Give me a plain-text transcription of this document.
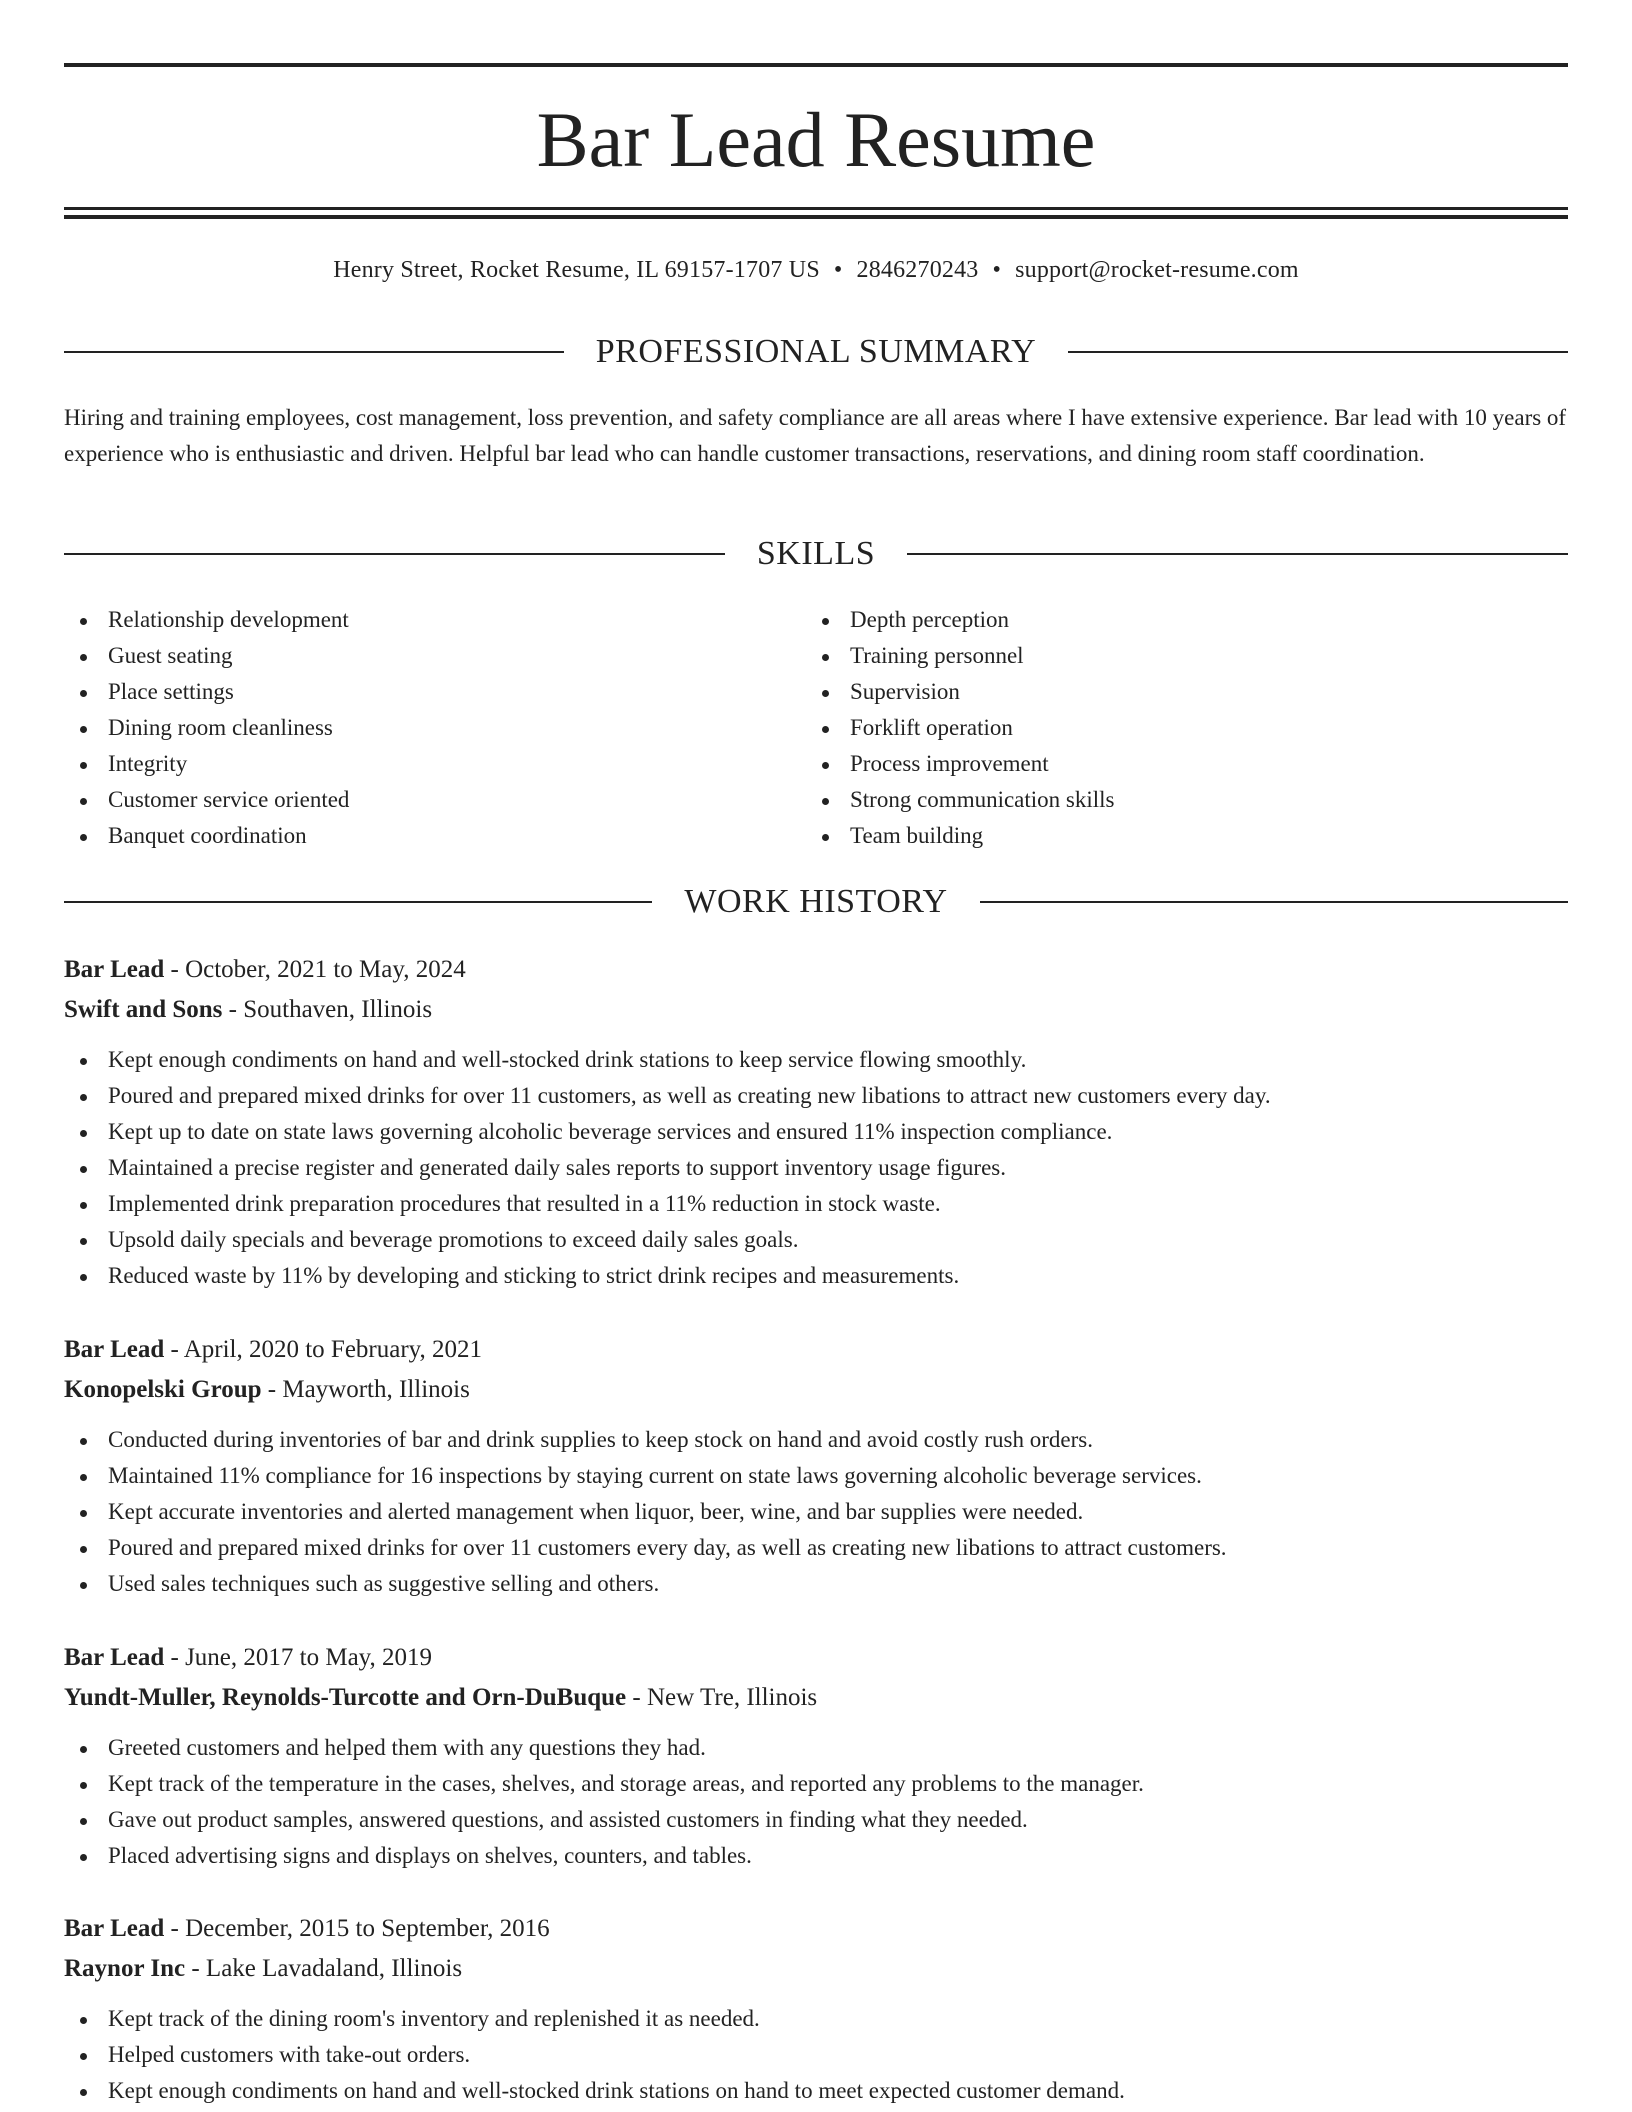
Bar Lead Resume
Henry Street, Rocket Resume, IL 69157-1707 US • 2846270243 • support@rocket-resume.com
PROFESSIONAL SUMMARY

Hiring and training employees, cost management, loss prevention, and safety compliance are all areas where I have extensive experience. Bar lead with 10 years of experience who is enthusiastic and driven. Helpful bar lead who can handle customer transactions, reservations, and dining room staff coordination.

SKILLS
Relationship development
Guest seating
Place settings
Dining room cleanliness
Integrity
Customer service oriented
Banquet coordination
Depth perception
Training personnel
Supervision
Forklift operation
Process improvement
Strong communication skills
Team building
WORK HISTORY
Bar Lead - October, 2021 to May, 2024
Swift and Sons - Southaven, Illinois
Kept enough condiments on hand and well-stocked drink stations to keep service flowing smoothly.
Poured and prepared mixed drinks for over 11 customers, as well as creating new libations to attract new customers every day.
Kept up to date on state laws governing alcoholic beverage services and ensured 11% inspection compliance.
Maintained a precise register and generated daily sales reports to support inventory usage figures.
Implemented drink preparation procedures that resulted in a 11% reduction in stock waste.
Upsold daily specials and beverage promotions to exceed daily sales goals.
Reduced waste by 11% by developing and sticking to strict drink recipes and measurements.
Bar Lead - April, 2020 to February, 2021
Konopelski Group - Mayworth, Illinois
Conducted during inventories of bar and drink supplies to keep stock on hand and avoid costly rush orders.
Maintained 11% compliance for 16 inspections by staying current on state laws governing alcoholic beverage services.
Kept accurate inventories and alerted management when liquor, beer, wine, and bar supplies were needed.
Poured and prepared mixed drinks for over 11 customers every day, as well as creating new libations to attract customers.
Used sales techniques such as suggestive selling and others.
Bar Lead - June, 2017 to May, 2019
Yundt-Muller, Reynolds-Turcotte and Orn-DuBuque - New Tre, Illinois
Greeted customers and helped them with any questions they had.
Kept track of the temperature in the cases, shelves, and storage areas, and reported any problems to the manager.
Gave out product samples, answered questions, and assisted customers in finding what they needed.
Placed advertising signs and displays on shelves, counters, and tables.
Bar Lead - December, 2015 to September, 2016
Raynor Inc - Lake Lavadaland, Illinois
Kept track of the dining room's inventory and replenished it as needed.
Helped customers with take-out orders.
Kept enough condiments on hand and well-stocked drink stations on hand to meet expected customer demand.
